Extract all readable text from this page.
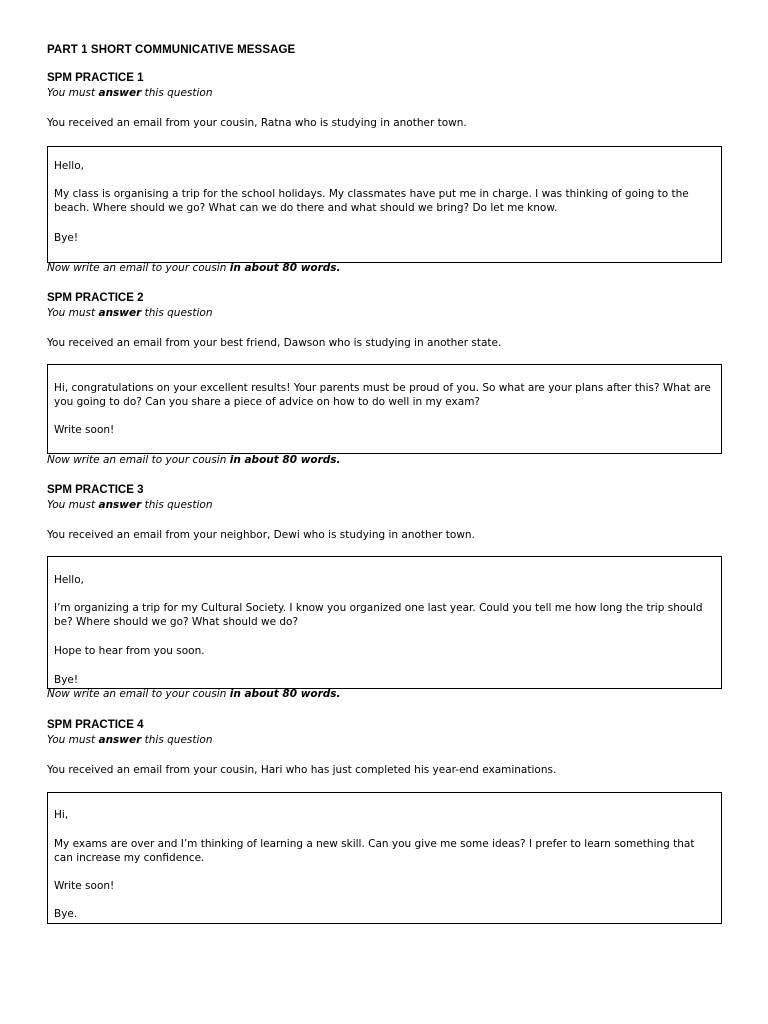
PART 1 SHORT COMMUNICATIVE MESSAGE
SPM PRACTICE 1
You must answer this question
You received an email from your cousin, Ratna who is studying in another town.

Hello,

My class is organising a trip for the school holidays. My classmates have put me in charge. I was thinking of going to the beach. Where should we go? What can we do there and what should we bring? Do let me know.

Bye!

Now write an email to your cousin in about 80 words.
SPM PRACTICE 2
You must answer this question
You received an email from your best friend, Dawson who is studying in another state.

Hi, congratulations on your excellent results! Your parents must be proud of you. So what are your plans after this? What are you going to do? Can you share a piece of advice on how to do well in my exam?

Write soon!

Now write an email to your cousin in about 80 words.
SPM PRACTICE 3
You must answer this question
You received an email from your neighbor, Dewi who is studying in another town.

Hello,

I’m organizing a trip for my Cultural Society. I know you organized one last year. Could you tell me how long the trip should be? Where should we go? What should we do?

Hope to hear from you soon.

Bye!

Now write an email to your cousin in about 80 words.
SPM PRACTICE 4
You must answer this question
You received an email from your cousin, Hari who has just completed his year-end examinations.

Hi,

My exams are over and I’m thinking of learning a new skill. Can you give me some ideas? I prefer to learn something that can increase my confidence.

Write soon!

Bye.
